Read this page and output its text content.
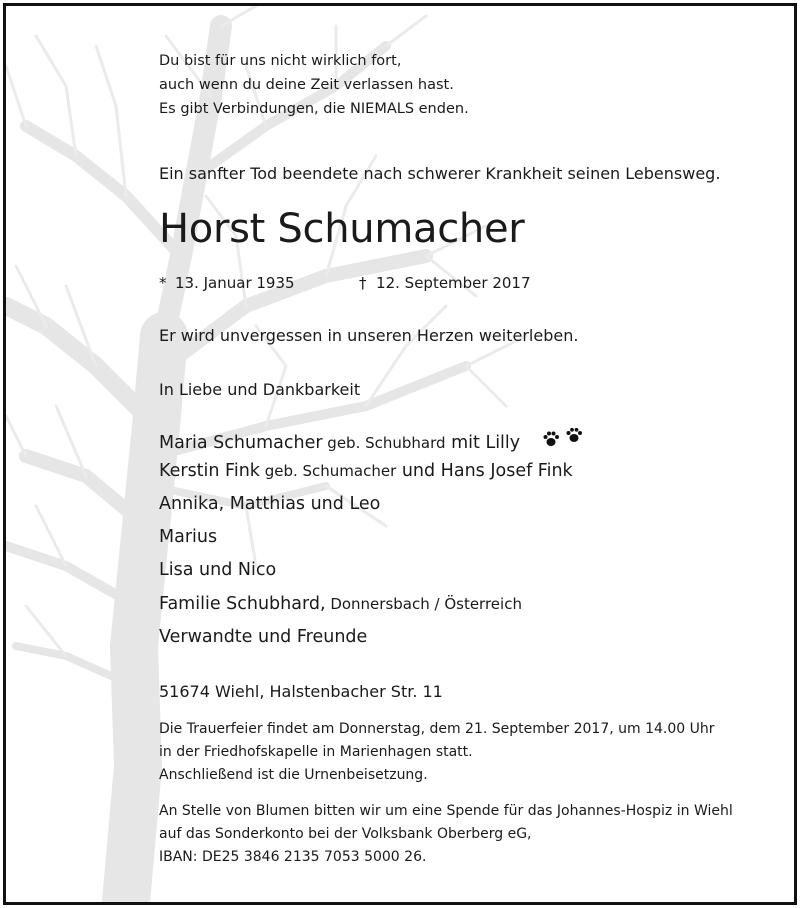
Du bist für uns nicht wirklich fort,
auch wenn du deine Zeit verlassen hast.
Es gibt Verbindungen, die NIEMALS enden.
Ein sanfter Tod beendete nach schwerer Krankheit seinen Lebensweg.
Horst Schumacher
* 13. Januar 1935	† 12. September 2017
Er wird unvergessen in unseren Herzen weiterleben.
In Liebe und Dankbarkeit
Maria Schumacher geb. Schubhard mit Lilly
Kerstin Fink geb. Schumacher und Hans Josef Fink
Annika, Matthias und Leo
Marius
Lisa und Nico
Familie Schubhard, Donnersbach / Österreich
Verwandte und Freunde
51674 Wiehl, Halstenbacher Str. 11
Die Trauerfeier findet am Donnerstag, dem 21. September 2017, um 14.00 Uhr
in der Friedhofskapelle in Marienhagen statt.
Anschließend ist die Urnenbeisetzung.
An Stelle von Blumen bitten wir um eine Spende für das Johannes-Hospiz in Wiehl
auf das Sonderkonto bei der Volksbank Oberberg eG,
IBAN: DE25 3846 2135 7053 5000 26.
